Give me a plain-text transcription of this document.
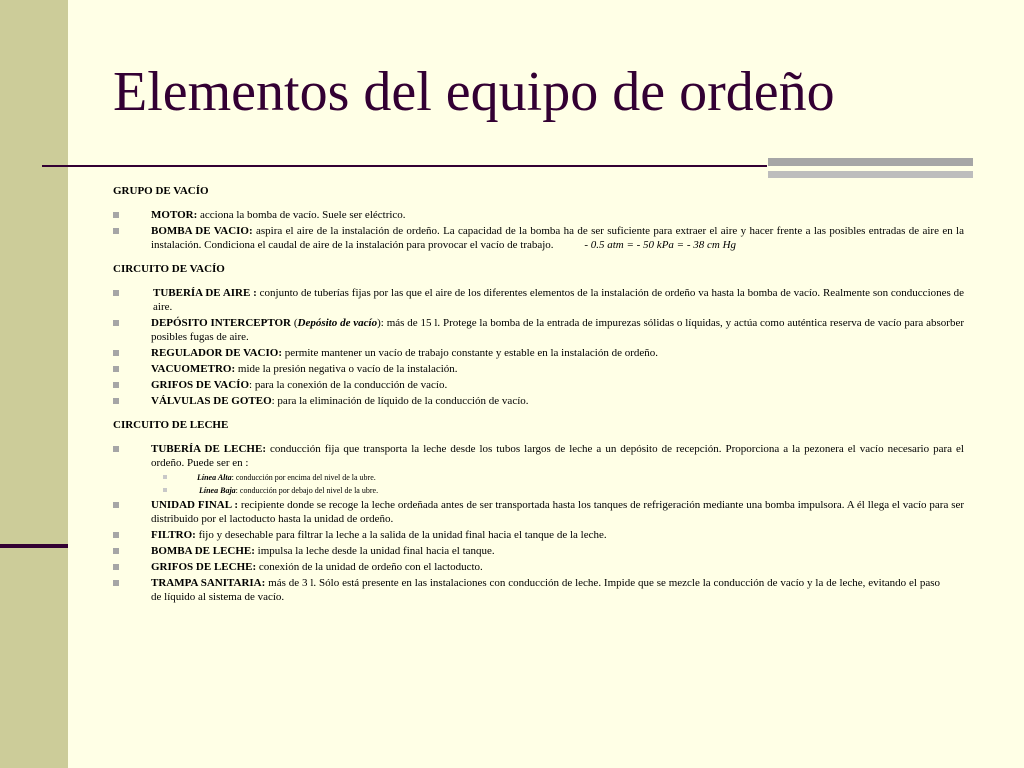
Elementos del equipo de ordeño
GRUPO DE VACÍO
MOTOR: acciona la bomba de vacío. Suele ser eléctrico.
BOMBA DE VACIO: aspira el aire de la instalación de ordeño. La capacidad de la bomba ha de ser suficiente para extraer el aire y hacer frente a las posibles entradas de aire en la instalación. Condiciona el caudal de aire de la instalación para provocar el vacío de trabajo.	- 0.5 atm = - 50 kPa = - 38 cm Hg
CIRCUITO DE VACÍO
TUBERÍA DE AIRE : conjunto de tuberías fijas por las que el aire de los diferentes elementos de la instalación de ordeño va hasta la bomba de vacío. Realmente son conducciones de aire.
DEPÓSITO INTERCEPTOR (Depósito de vacío): más de 15 l. Protege la bomba de la entrada de impurezas sólidas o líquidas, y actúa como auténtica reserva de vacío para absorber posibles fugas de aire.
REGULADOR DE VACIO: permite mantener un vacío de trabajo constante y estable en la instalación de ordeño.
VACUOMETRO: mide la presión negativa o vacío de la instalación.
GRIFOS DE VACÍO: para la conexión de la conducción de vacío.
VÁLVULAS DE GOTEO: para la eliminación de líquido de la conducción de vacío.
CIRCUITO DE LECHE
TUBERÍA DE LECHE: conducción fija que transporta la leche desde los tubos largos de leche a un depósito de recepción. Proporciona a la pezonera el vacío necesario para el ordeño. Puede ser en :
Línea Alta: conducción por encima del nivel de la ubre.
Línea Baja: conducción por debajo del nivel de la ubre.
UNIDAD FINAL : recipiente donde se recoge la leche ordeñada antes de ser transportada hasta los tanques de refrigeración mediante una bomba impulsora. A él llega el vacío para ser distribuido por el lactoducto hasta la unidad de ordeño.
FILTRO: fijo y desechable para filtrar la leche a la salida de la unidad final hacia el tanque de la leche.
BOMBA DE LECHE: impulsa la leche desde la unidad final hacia el tanque.
GRIFOS DE LECHE: conexión de la unidad de ordeño con el lactoducto.
TRAMPA SANITARIA: más de 3 l. Sólo está presente en las instalaciones con conducción de leche. Impide que se mezcle la conducción de vacío y la de leche, evitando el paso de líquido al sistema de vacío.
